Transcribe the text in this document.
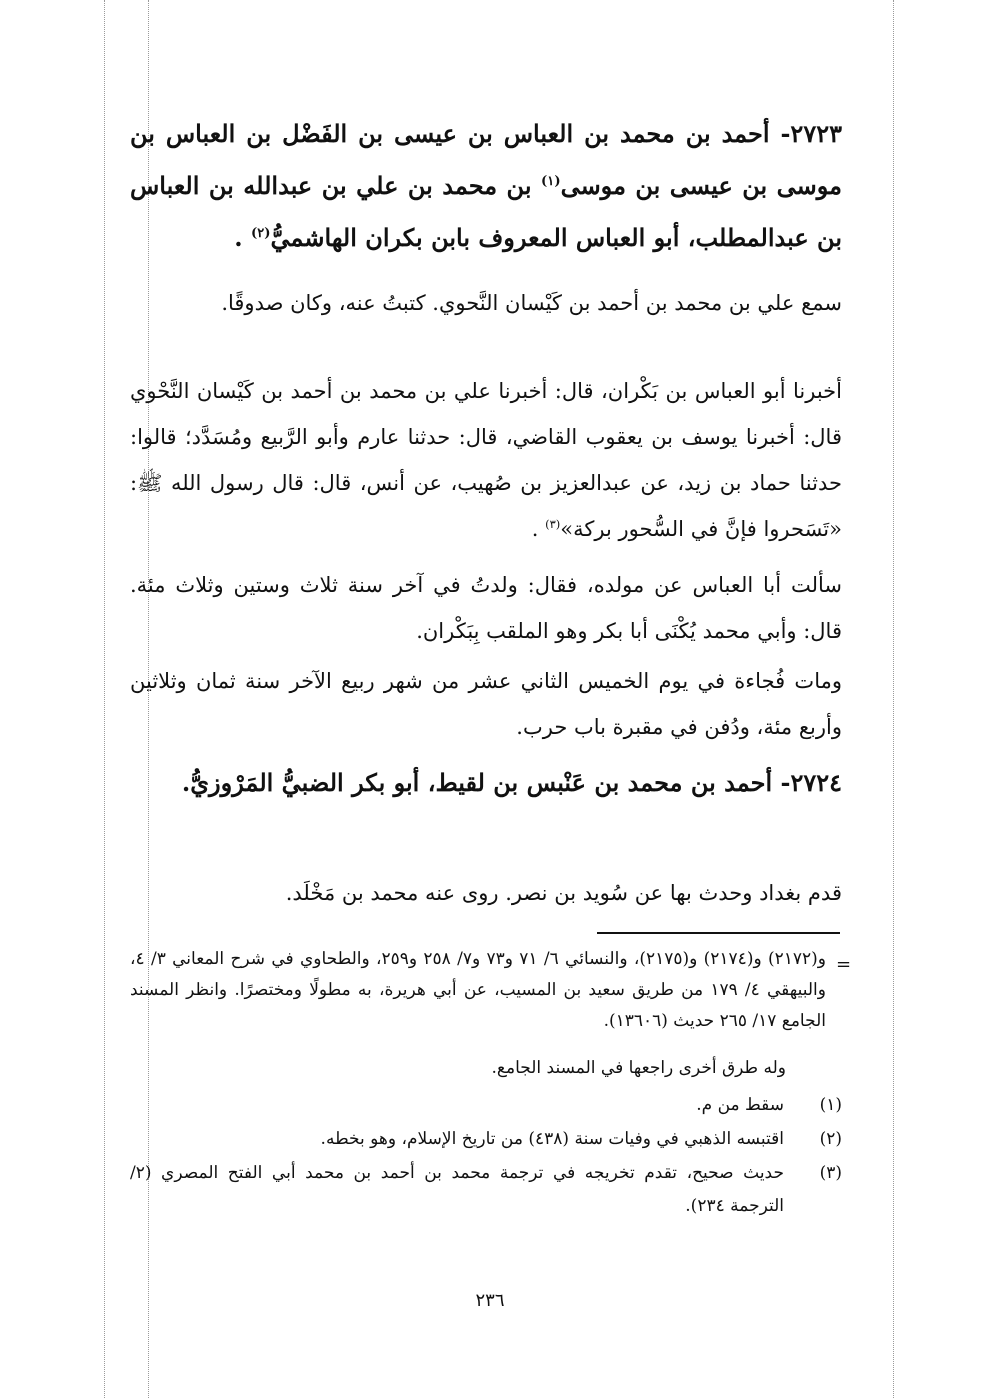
٢٧٢٣- أحمد بن محمد بن العباس بن عيسى بن الفَضْل بن العباس بن موسى بن عيسى بن موسى$^{(١)}$ بن محمد بن علي بن عبدالله بن العباس بن عبدالمطلب، أبو العباس المعروف بابن بكران الهاشميُّ$^{(٢)}$ .
سمع علي بن محمد بن أحمد بن كَيْسان النَّحوي. كتبتُ عنه، وكان صدوقًا.
أخبرنا أبو العباس بن بَكْران، قال: أخبرنا علي بن محمد بن أحمد بن كَيْسان النَّحْوي قال: أخبرنا يوسف بن يعقوب القاضي، قال: حدثنا عارم وأبو الرَّبيع ومُسَدَّد؛ قالوا: حدثنا حماد بن زيد، عن عبدالعزيز بن صُهيب، عن أنس، قال: قال رسول الله ﷺ: «تَسَحروا فإنَّ في السُّحور بركة»$^{(٣)}$ .
سألت أبا العباس عن مولده، فقال: ولدتُ في آخر سنة ثلاث وستين وثلاث مئة. قال: وأبي محمد يُكْنَى أبا بكر وهو الملقب بِبَكْران.
ومات فُجاءة في يوم الخميس الثاني عشر من شهر ربيع الآخر سنة ثمان وثلاثين وأربع مئة، ودُفن في مقبرة باب حرب.
٢٧٢٤- أحمد بن محمد بن عَنْبس بن لقيط، أبو بكر الضبيُّ المَرْوزيُّ.
قدم بغداد وحدث بها عن سُويد بن نصر. روى عنه محمد بن مَخْلَد.
=
و(٢١٧٢) و(٢١٧٤) و(٢١٧٥)، والنسائي ٦/ ٧١ و٧٣ و٧/ ٢٥٨ و٢٥٩، والطحاوي في شرح المعاني ٣/ ٤، والبيهقي ٤/ ١٧٩ من طريق سعيد بن المسيب، عن أبي هريرة، به مطولًا ومختصرًا. وانظر المسند الجامع ١٧/ ٢٦٥ حديث (١٣٦٠٦).
وله طرق أخرى راجعها في المسند الجامع.
(١)
سقط من م.
(٢)
اقتبسه الذهبي في وفيات سنة (٤٣٨) من تاريخ الإسلام، وهو بخطه.
(٣)
حديث صحيح، تقدم تخريجه في ترجمة محمد بن أحمد بن محمد أبي الفتح المصري (٢/ الترجمة ٢٣٤).
٢٣٦
